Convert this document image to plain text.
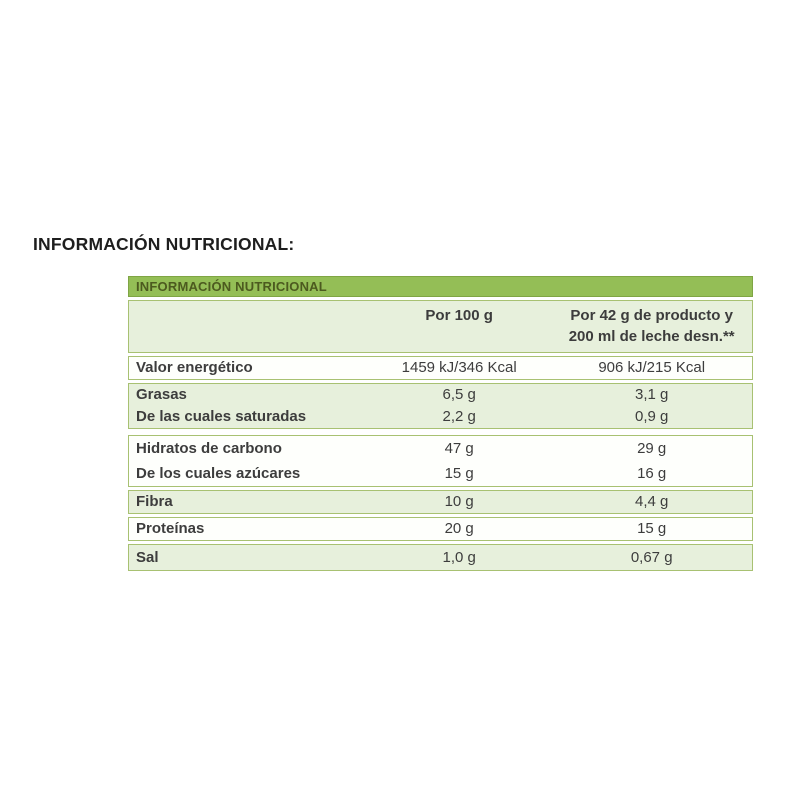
INFORMACIÓN NUTRICIONAL:
INFORMACIÓN NUTRICIONAL
Por 100 g	Por 42 g de producto y
200 ml de leche desn.**
Valor energético	1459 kJ/346 Kcal	906 kJ/215 Kcal
Grasas	6,5 g	3,1 g
De las cuales saturadas	2,2 g	0,9 g
Hidratos de carbono	47 g	29 g
De los cuales azúcares	15 g	16 g
Fibra	10 g	4,4 g
Proteínas	20 g	15 g
Sal	1,0 g	0,67 g
